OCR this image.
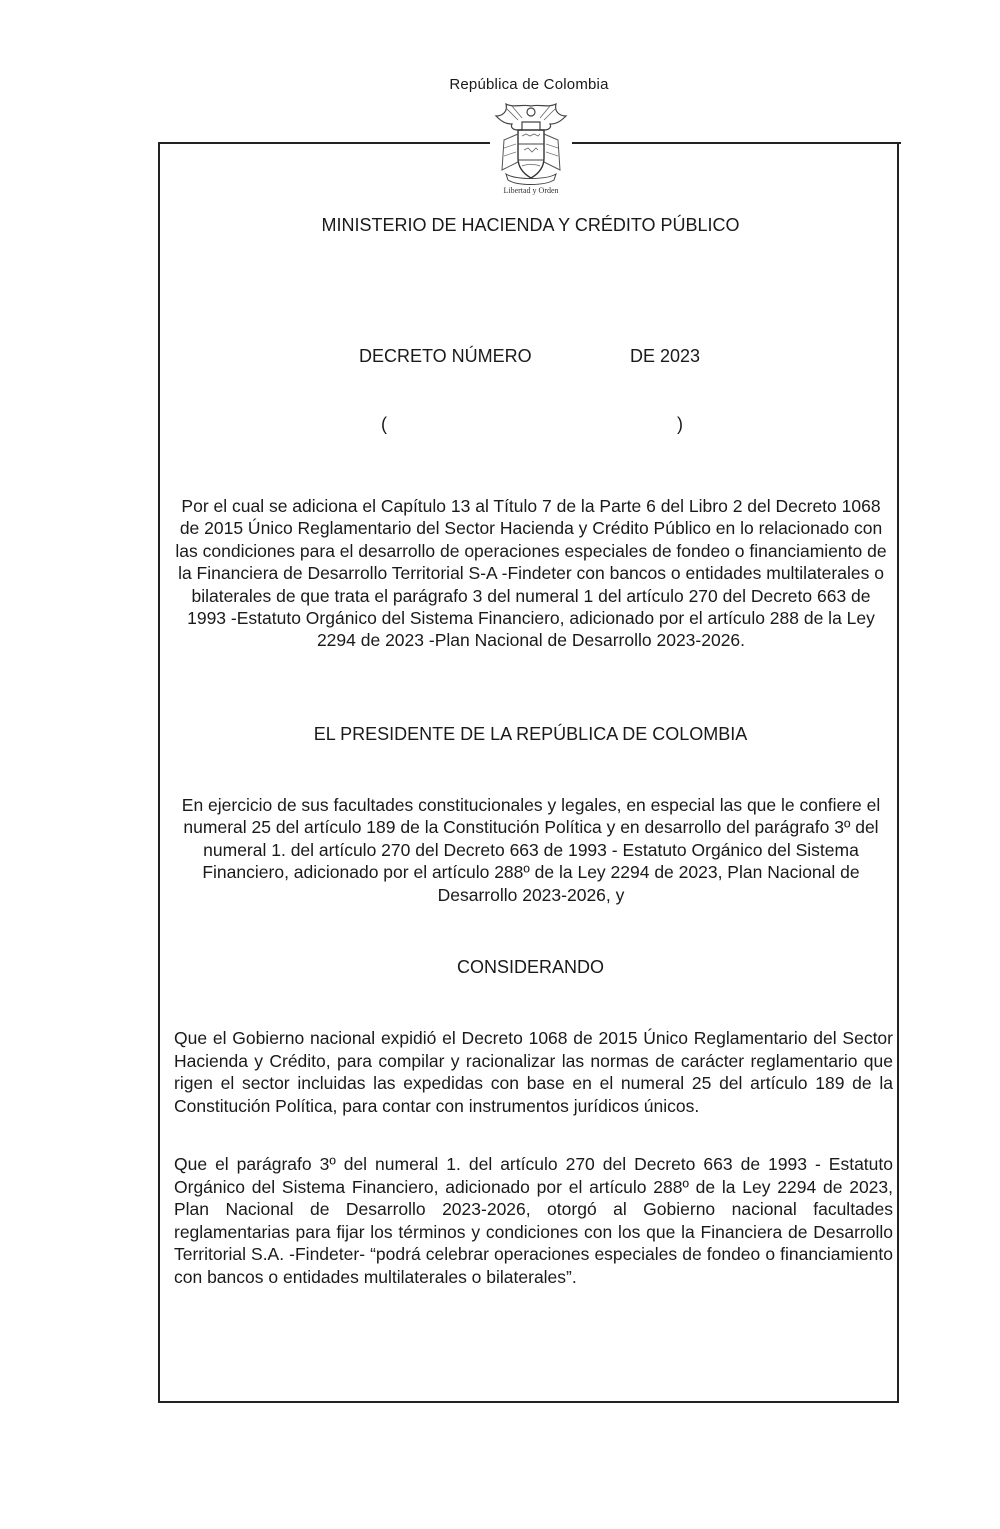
República de Colombia
Libertad y Orden
MINISTERIO DE HACIENDA Y CRÉDITO PÚBLICO
DECRETO NÚMERO	DE 2023
(	)
Por el cual se adiciona el Capítulo 13 al Título 7 de la Parte 6 del Libro 2 del Decreto 1068 de 2015 Único Reglamentario del Sector Hacienda y Crédito Público en lo relacionado con las condiciones para el desarrollo de operaciones especiales de fondeo o financiamiento de la Financiera de Desarrollo Territorial S-A -Findeter con bancos o entidades multilaterales o bilaterales de que trata el parágrafo 3 del numeral 1 del artículo 270 del Decreto 663 de 1993 -Estatuto Orgánico del Sistema Financiero, adicionado por el artículo 288 de la Ley 2294 de 2023 -Plan Nacional de Desarrollo 2023-2026.
EL PRESIDENTE DE LA REPÚBLICA DE COLOMBIA
En ejercicio de sus facultades constitucionales y legales, en especial las que le confiere el numeral 25 del artículo 189 de la Constitución Política y en desarrollo del parágrafo 3º del numeral 1. del artículo 270 del Decreto 663 de 1993 - Estatuto Orgánico del Sistema Financiero, adicionado por el artículo 288º de la Ley 2294 de 2023, Plan Nacional de Desarrollo 2023-2026, y
CONSIDERANDO

Que el Gobierno nacional expidió el Decreto 1068 de 2015 Único Reglamentario del Sector Hacienda y Crédito, para compilar y racionalizar las normas de carácter reglamentario que rigen el sector incluidas las expedidas con base en el numeral 25 del artículo 189 de la Constitución Política, para contar con instrumentos jurídicos únicos.

Que el parágrafo 3º del numeral 1. del artículo 270 del Decreto 663 de 1993 - Estatuto Orgánico del Sistema Financiero, adicionado por el artículo 288º de la Ley 2294 de 2023, Plan Nacional de Desarrollo 2023-2026, otorgó al Gobierno nacional facultades reglamentarias para fijar los términos y condiciones con los que la Financiera de Desarrollo Territorial S.A. -Findeter- “podrá celebrar operaciones especiales de fondeo o financiamiento con bancos o entidades multilaterales o bilaterales”.
